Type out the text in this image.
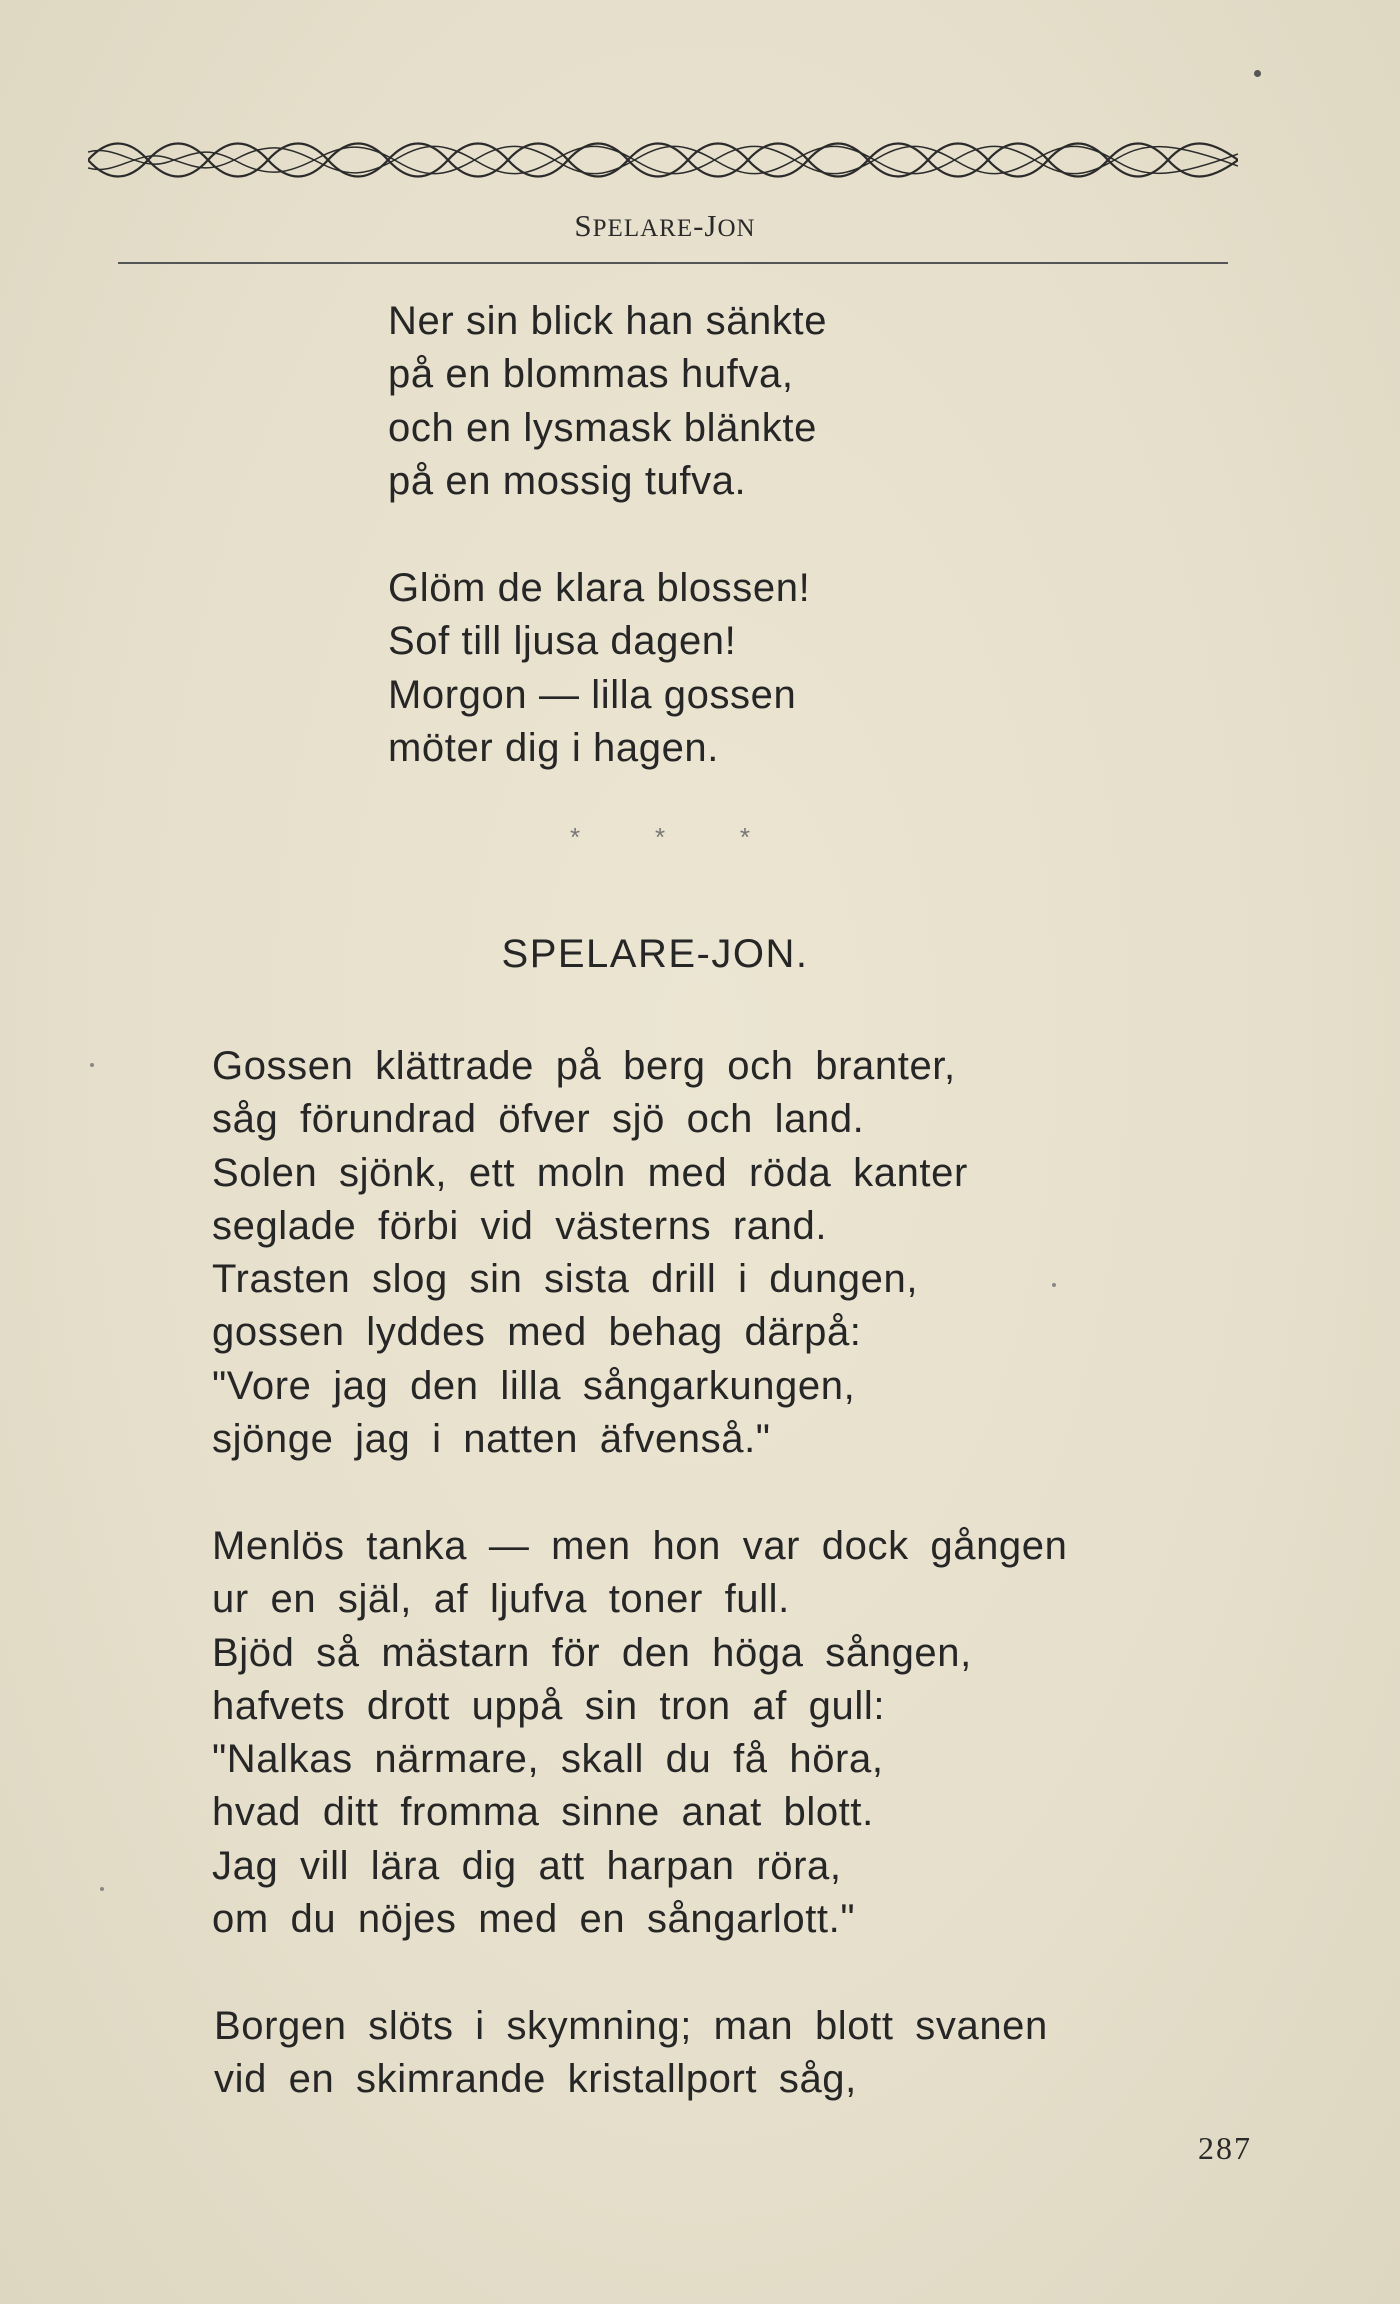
SPELARE-JON
Ner sin blick han sänkte
på en blommas hufva,
och en lysmask blänkte
på en mossig tufva.
Glöm de klara blossen!
Sof till ljusa dagen!
Morgon — lilla gossen
möter dig i hagen.
*	*	*
SPELARE-JON.
Gossen klättrade på berg och branter,
såg förundrad öfver sjö och land.
Solen sjönk, ett moln med röda kanter
seglade förbi vid västerns rand.
Trasten slog sin sista drill i dungen,
gossen lyddes med behag därpå:
"Vore jag den lilla sångarkungen,
sjönge jag i natten äfvenså."
Menlös tanka — men hon var dock gången
ur en själ, af ljufva toner full.
Bjöd så mästarn för den höga sången,
hafvets drott uppå sin tron af gull:
"Nalkas närmare, skall du få höra,
hvad ditt fromma sinne anat blott.
Jag vill lära dig att harpan röra,
om du nöjes med en sångarlott."
Borgen slöts i skymning; man blott svanen
vid en skimrande kristallport såg,
287
